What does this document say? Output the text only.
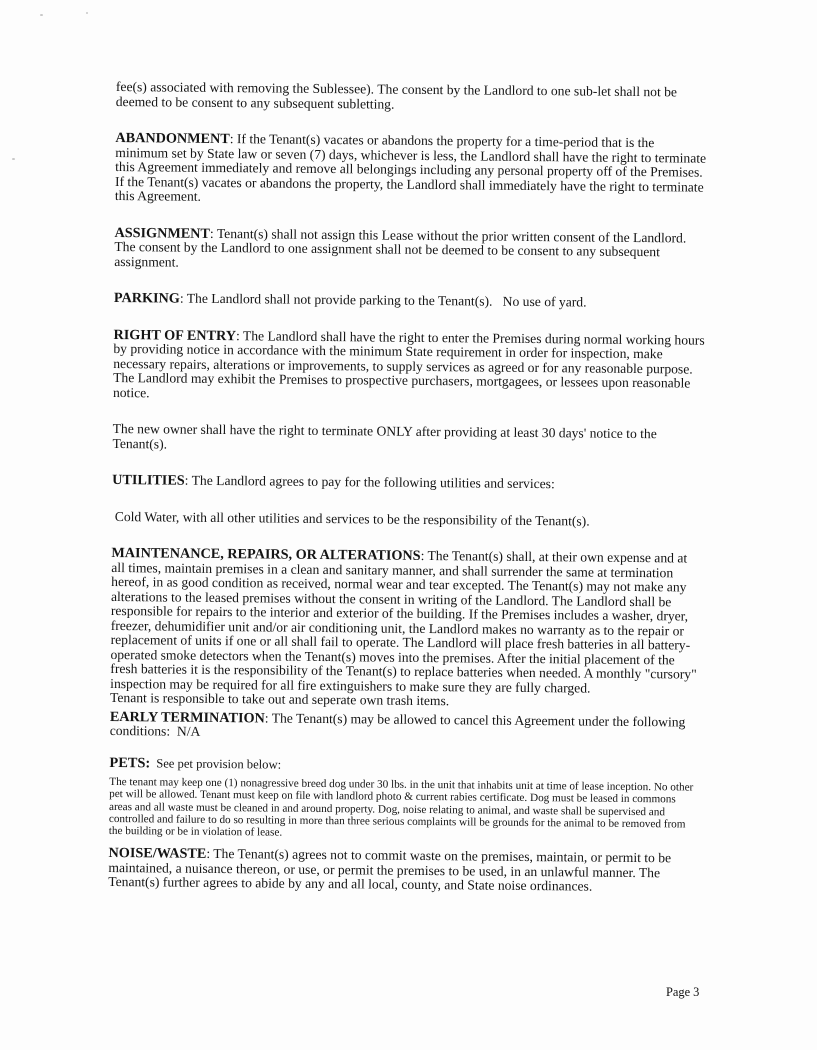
fee(s) associated with removing the Sublessee). The consent by the Landlord to one sub-let shall not be deemed to be consent to any subsequent subletting.

ABANDONMENT: If the Tenant(s) vacates or abandons the property for a time-period that is the minimum set by State law or seven (7) days, whichever is less, the Landlord shall have the right to terminate this Agreement immediately and remove all belongings including any personal property off of the Premises. If the Tenant(s) vacates or abandons the property, the Landlord shall immediately have the right to terminate this Agreement.

ASSIGNMENT: Tenant(s) shall not assign this Lease without the prior written consent of the Landlord. The consent by the Landlord to one assignment shall not be deemed to be consent to any subsequent assignment.

PARKING: The Landlord shall not provide parking to the Tenant(s). No use of yard.

RIGHT OF ENTRY: The Landlord shall have the right to enter the Premises during normal working hours by providing notice in accordance with the minimum State requirement in order for inspection, make necessary repairs, alterations or improvements, to supply services as agreed or for any reasonable purpose. The Landlord may exhibit the Premises to prospective purchasers, mortgagees, or lessees upon reasonable notice.

The new owner shall have the right to terminate ONLY after providing at least 30 days' notice to the Tenant(s).

UTILITIES: The Landlord agrees to pay for the following utilities and services:

Cold Water, with all other utilities and services to be the responsibility of the Tenant(s).

MAINTENANCE, REPAIRS, OR ALTERATIONS: The Tenant(s) shall, at their own expense and at all times, maintain premises in a clean and sanitary manner, and shall surrender the same at termination hereof, in as good condition as received, normal wear and tear excepted. The Tenant(s) may not make any alterations to the leased premises without the consent in writing of the Landlord. The Landlord shall be responsible for repairs to the interior and exterior of the building. If the Premises includes a washer, dryer, freezer, dehumidifier unit and/or air conditioning unit, the Landlord makes no warranty as to the repair or replacement of units if one or all shall fail to operate. The Landlord will place fresh batteries in all battery-operated smoke detectors when the Tenant(s) moves into the premises. After the initial placement of the fresh batteries it is the responsibility of the Tenant(s) to replace batteries when needed. A monthly "cursory" inspection may be required for all fire extinguishers to make sure they are fully charged.

Tenant is responsible to take out and seperate own trash items.

EARLY TERMINATION: The Tenant(s) may be allowed to cancel this Agreement under the following conditions: N/A

PETS: See pet provision below:

The tenant may keep one (1) nonagressive breed dog under 30 lbs. in the unit that inhabits unit at time of lease inception. No other pet will be allowed. Tenant must keep on file with landlord photo & current rabies certificate. Dog must be leased in commons areas and all waste must be cleaned in and around property. Dog, noise relating to animal, and waste shall be supervised and controlled and failure to do so resulting in more than three serious complaints will be grounds for the animal to be removed from the building or be in violation of lease.

NOISE/WASTE: The Tenant(s) agrees not to commit waste on the premises, maintain, or permit to be maintained, a nuisance thereon, or use, or permit the premises to be used, in an unlawful manner. The Tenant(s) further agrees to abide by any and all local, county, and State noise ordinances.

Page 3
